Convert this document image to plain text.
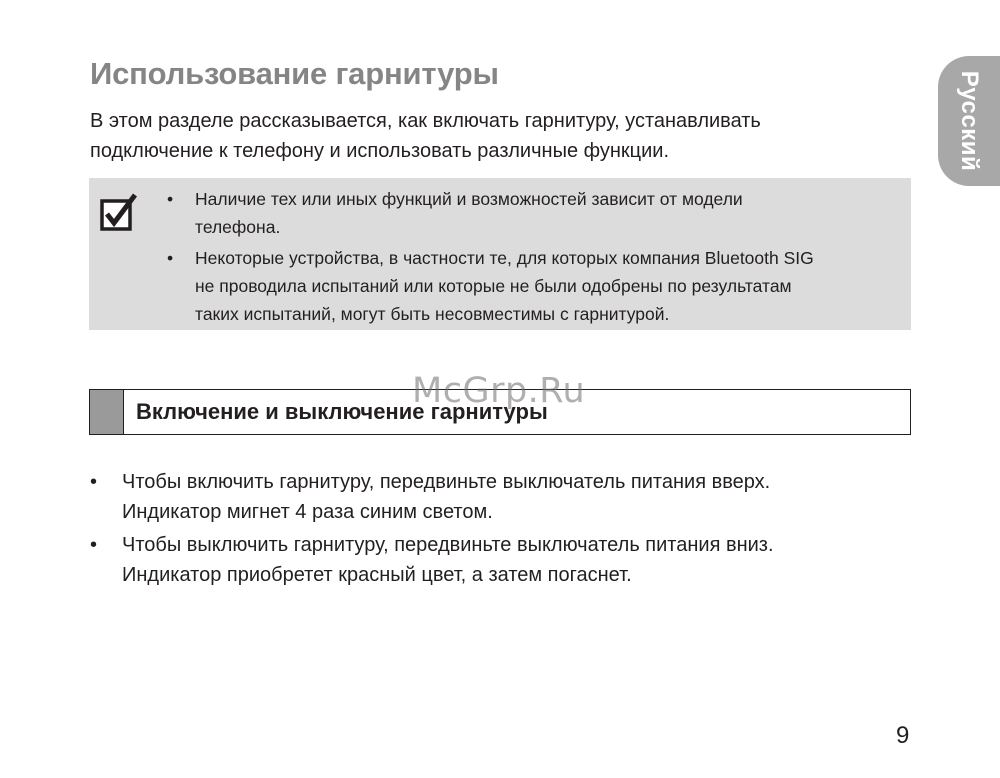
Использование гарнитуры
В этом разделе рассказывается, как включать гарнитуру, устанавливать
подключение к телефону и использовать различные функции.	Русский
• Наличие тех или иных функций и возможностей зависит от модели
телефона.
• Некоторые устройства, в частности те, для которых компания Bluetooth SIG
не проводила испытаний или которые не были одобрены по результатам
таких испытаний, могут быть несовместимы с гарнитурой.
Включение и выключение гарнитуры
McGrp.Ru
• Чтобы включить гарнитуру, передвиньте выключатель питания вверх.
Индикатор мигнет 4 раза синим светом.
• Чтобы выключить гарнитуру, передвиньте выключатель питания вниз.
Индикатор приобретет красный цвет, а затем погаснет.
9
